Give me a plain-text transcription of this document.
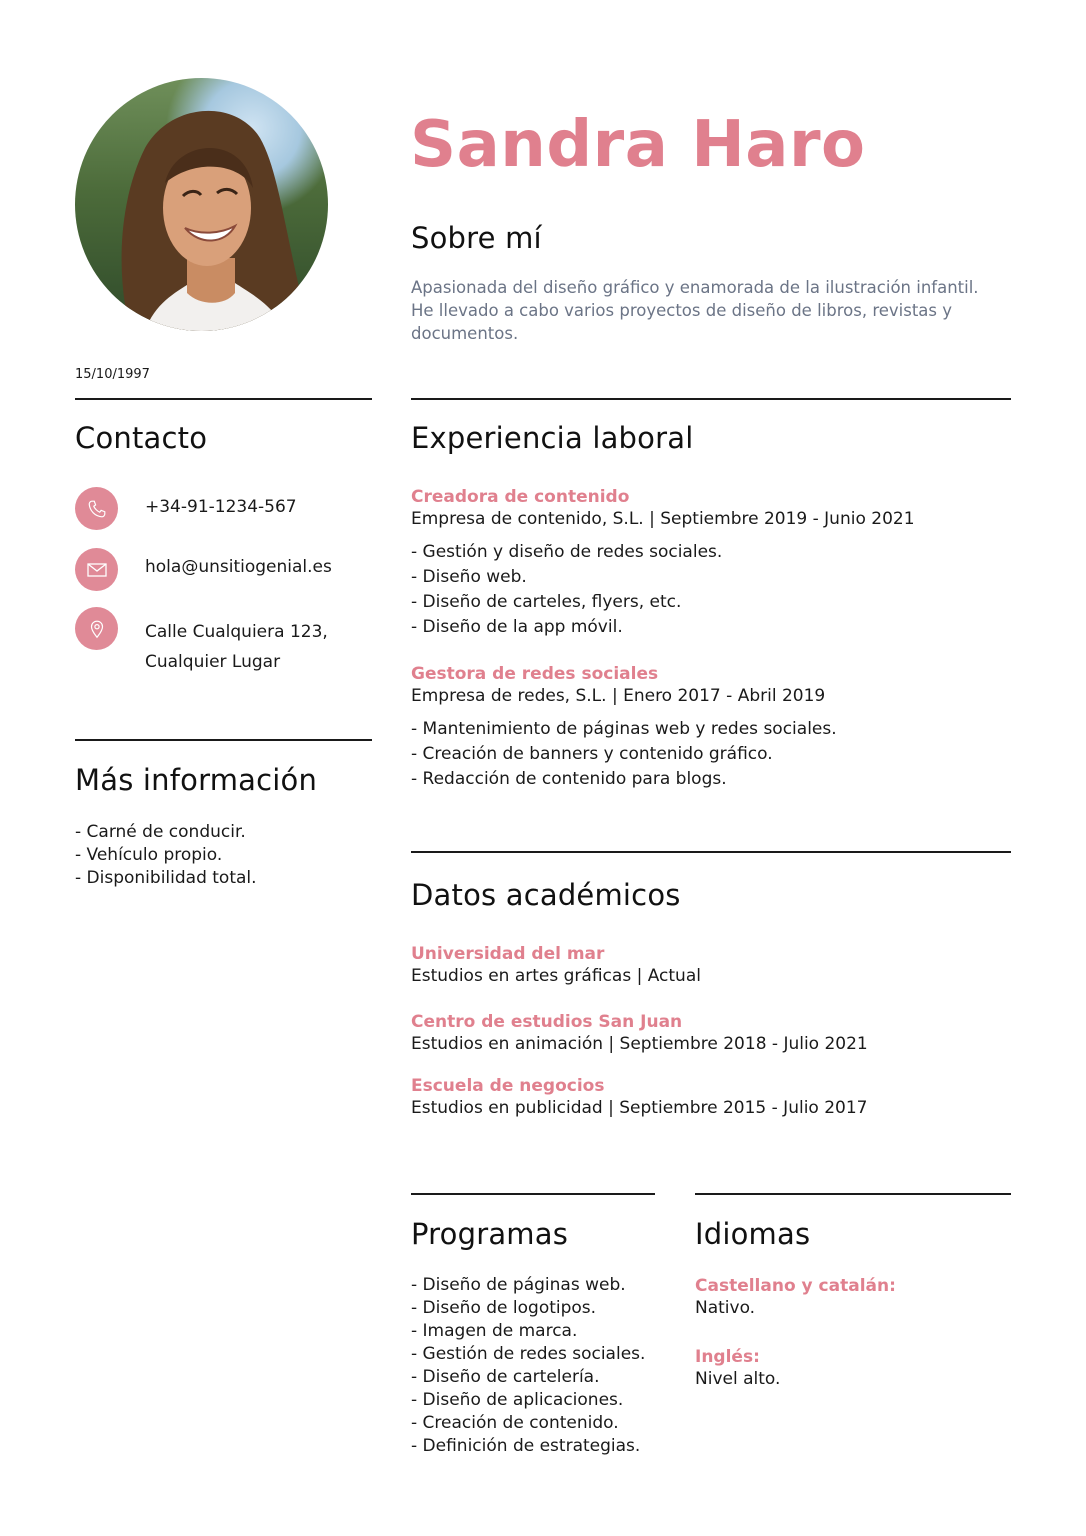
15/10/1997
Sandra Haro
Sobre mí
Apasionada del diseño gráfico y enamorada de la ilustración infantil.
He llevado a cabo varios proyectos de diseño de libros, revistas y
documentos.
Contacto
+34-91-1234-567
hola@unsitiogenial.es
Calle Cualquiera 123,
Cualquier Lugar
Más información
- Carné de conducir.
- Vehículo propio.
- Disponibilidad total.
Experiencia laboral
Creadora de contenido
Empresa de contenido, S.L. | Septiembre 2019 - Junio 2021
- Gestión y diseño de redes sociales.
- Diseño web.
- Diseño de carteles, flyers, etc.
- Diseño de la app móvil.
Gestora de redes sociales
Empresa de redes, S.L. | Enero 2017 - Abril 2019
- Mantenimiento de páginas web y redes sociales.
- Creación de banners y contenido gráfico.
- Redacción de contenido para blogs.
Datos académicos
Universidad del mar
Estudios en artes gráficas | Actual
Centro de estudios San Juan
Estudios en animación | Septiembre 2018 - Julio 2021
Escuela de negocios
Estudios en publicidad | Septiembre 2015 - Julio 2017
Programas
- Diseño de páginas web.
- Diseño de logotipos.
- Imagen de marca.
- Gestión de redes sociales.
- Diseño de cartelería.
- Diseño de aplicaciones.
- Creación de contenido.
- Definición de estrategias.
Idiomas
Castellano y catalán:
Nativo.
Inglés:
Nivel alto.
